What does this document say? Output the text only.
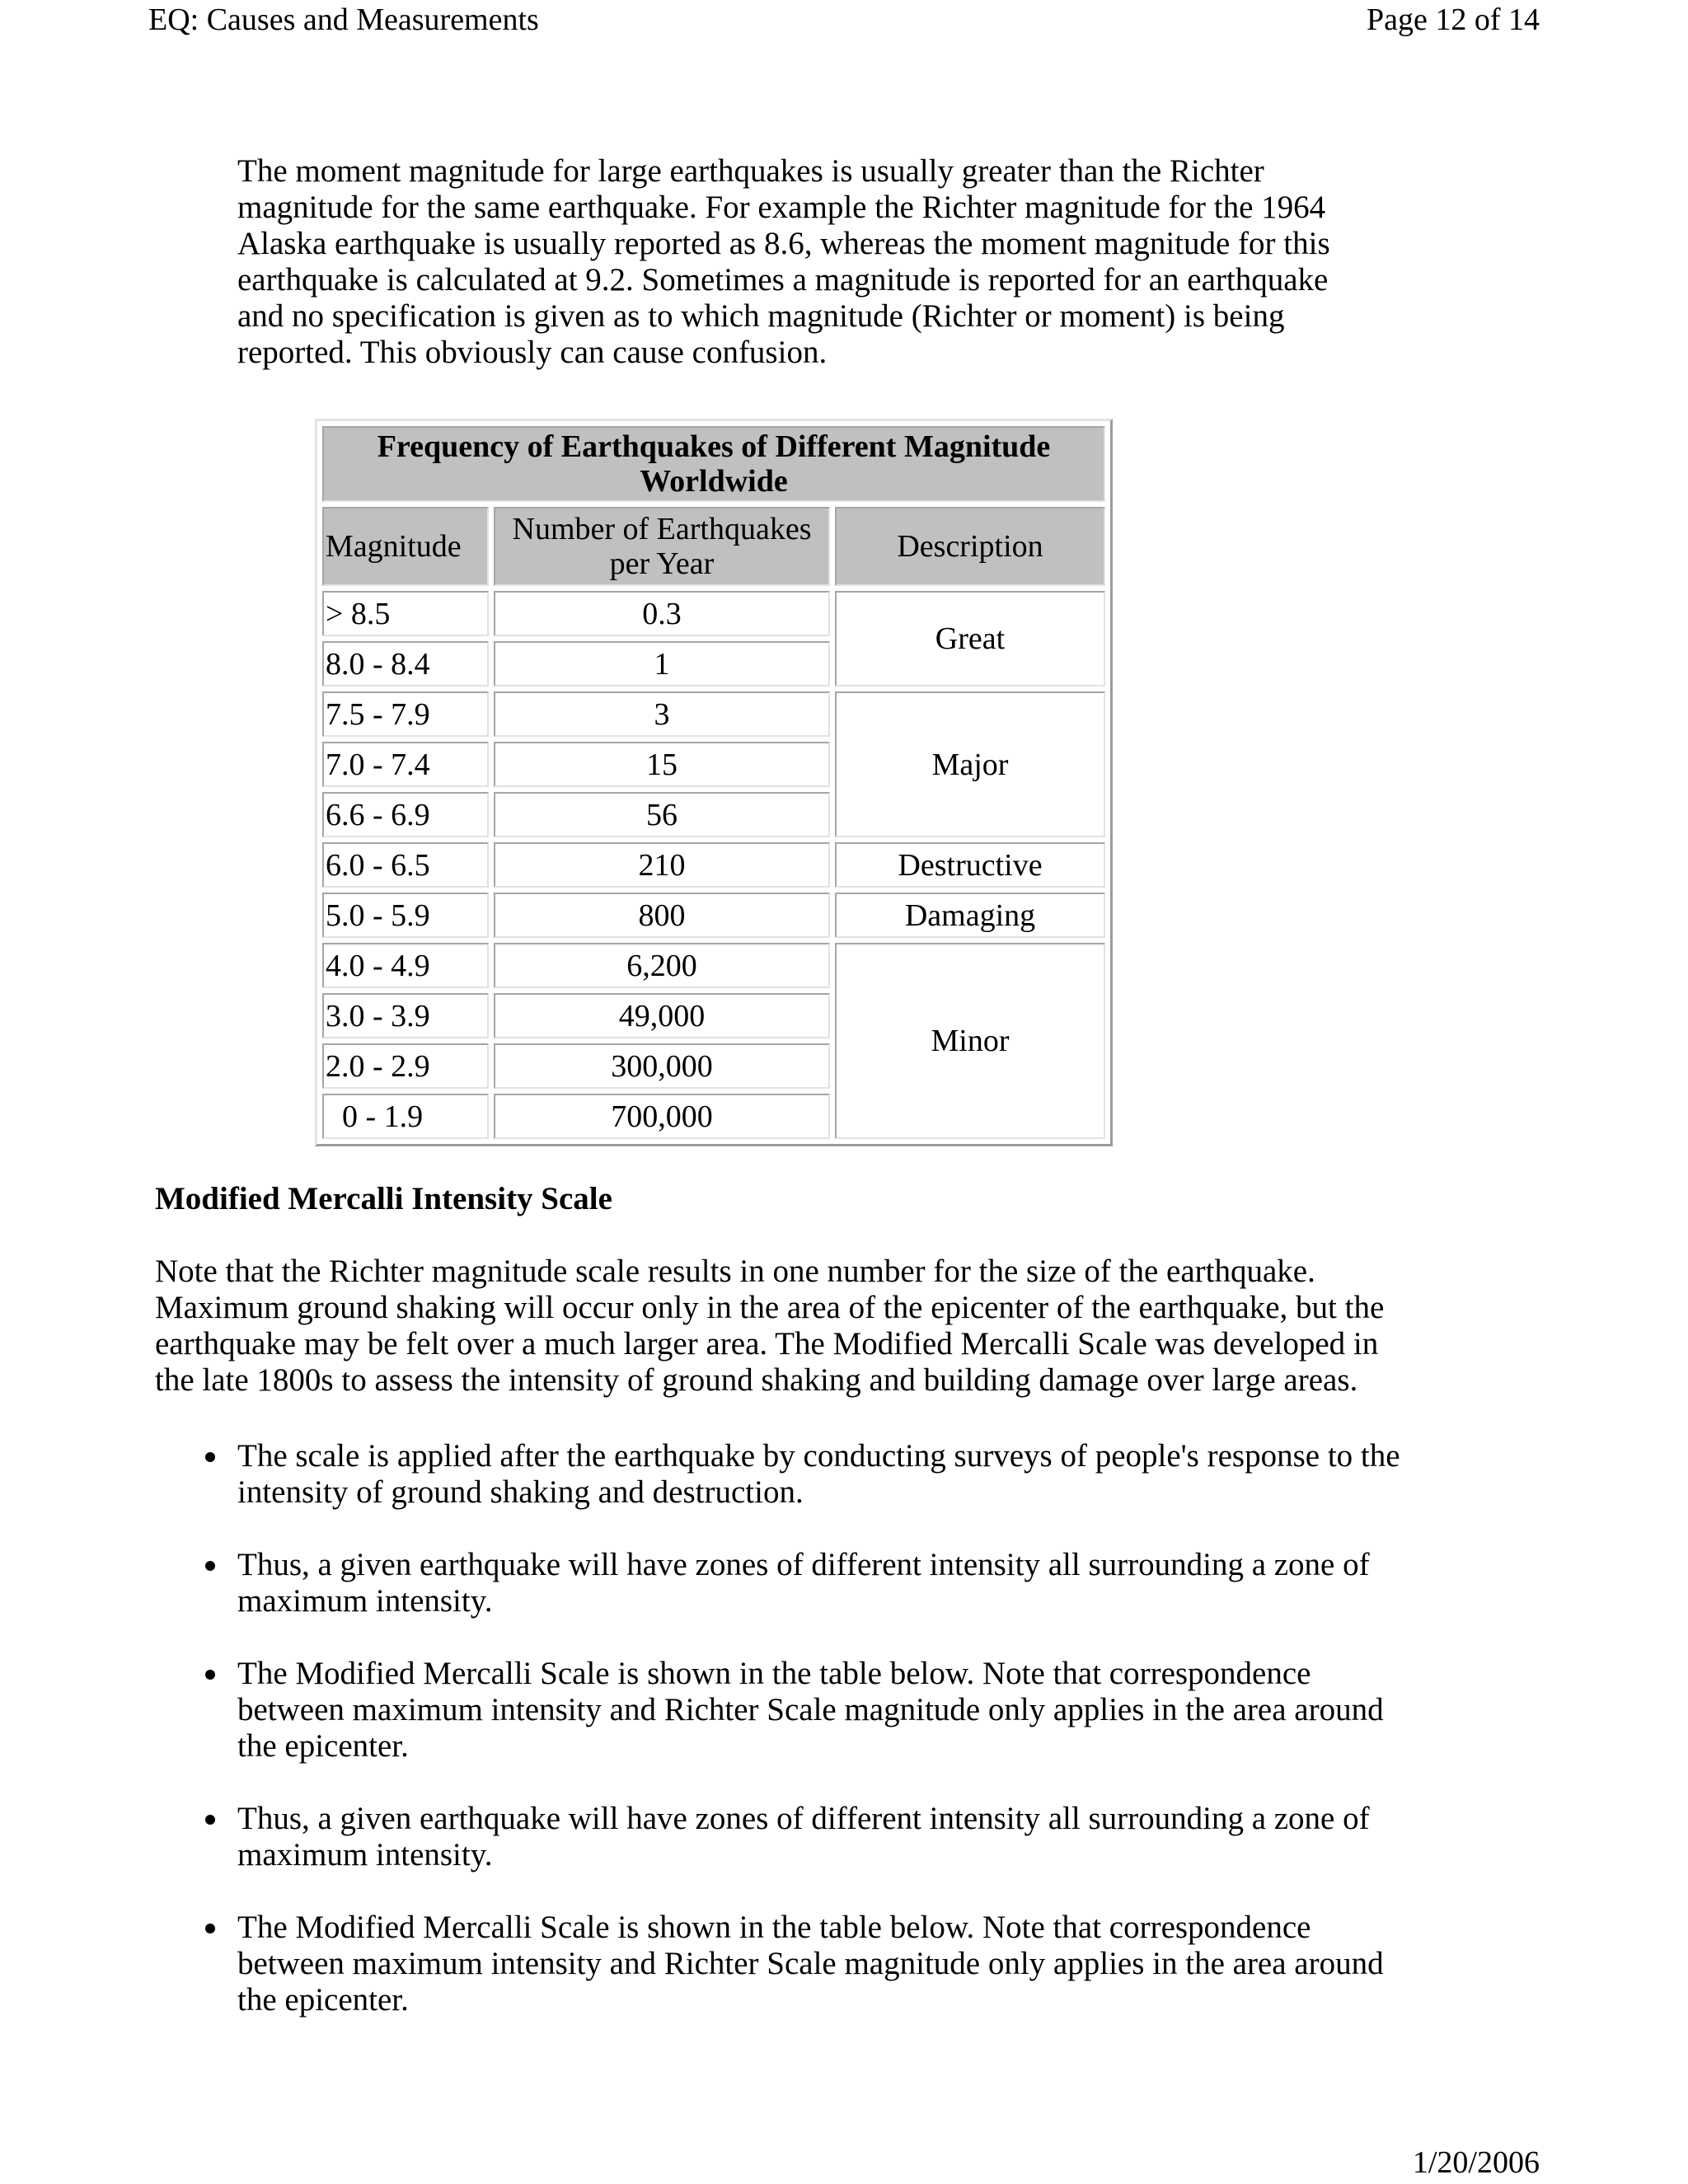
EQ: Causes and Measurements	Page 12 of 14
The moment magnitude for large earthquakes is usually greater than the Richter
magnitude for the same earthquake. For example the Richter magnitude for the 1964
Alaska earthquake is usually reported as 8.6, whereas the moment magnitude for this
earthquake is calculated at 9.2. Sometimes a magnitude is reported for an earthquake
and no specification is given as to which magnitude (Richter or moment) is being
reported. This obviously can cause confusion.
Frequency of Earthquakes of Different Magnitude Worldwide		
Magnitude	Number of Earthquakes per Year	Description
> 8.5	0.3	Great
8.0 - 8.4	1	
7.5 - 7.9	3	Major
7.0 - 7.4	15	
6.6 - 6.9	56	
6.0 - 6.5	210	Destructive
5.0 - 5.9	800	Damaging
4.0 - 4.9	6,200	Minor
3.0 - 3.9	49,000	
2.0 - 2.9	300,000	
0 - 1.9	700,000	
Modified Mercalli Intensity Scale
Note that the Richter magnitude scale results in one number for the size of the earthquake.
Maximum ground shaking will occur only in the area of the epicenter of the earthquake, but the
earthquake may be felt over a much larger area. The Modified Mercalli Scale was developed in
the late 1800s to assess the intensity of ground shaking and building damage over large areas.
The scale is applied after the earthquake by conducting surveys of people's response to the
intensity of ground shaking and destruction.
Thus, a given earthquake will have zones of different intensity all surrounding a zone of
maximum intensity.
The Modified Mercalli Scale is shown in the table below. Note that correspondence
between maximum intensity and Richter Scale magnitude only applies in the area around
the epicenter.
Thus, a given earthquake will have zones of different intensity all surrounding a zone of
maximum intensity.
The Modified Mercalli Scale is shown in the table below. Note that correspondence
between maximum intensity and Richter Scale magnitude only applies in the area around
the epicenter.
1/20/2006
